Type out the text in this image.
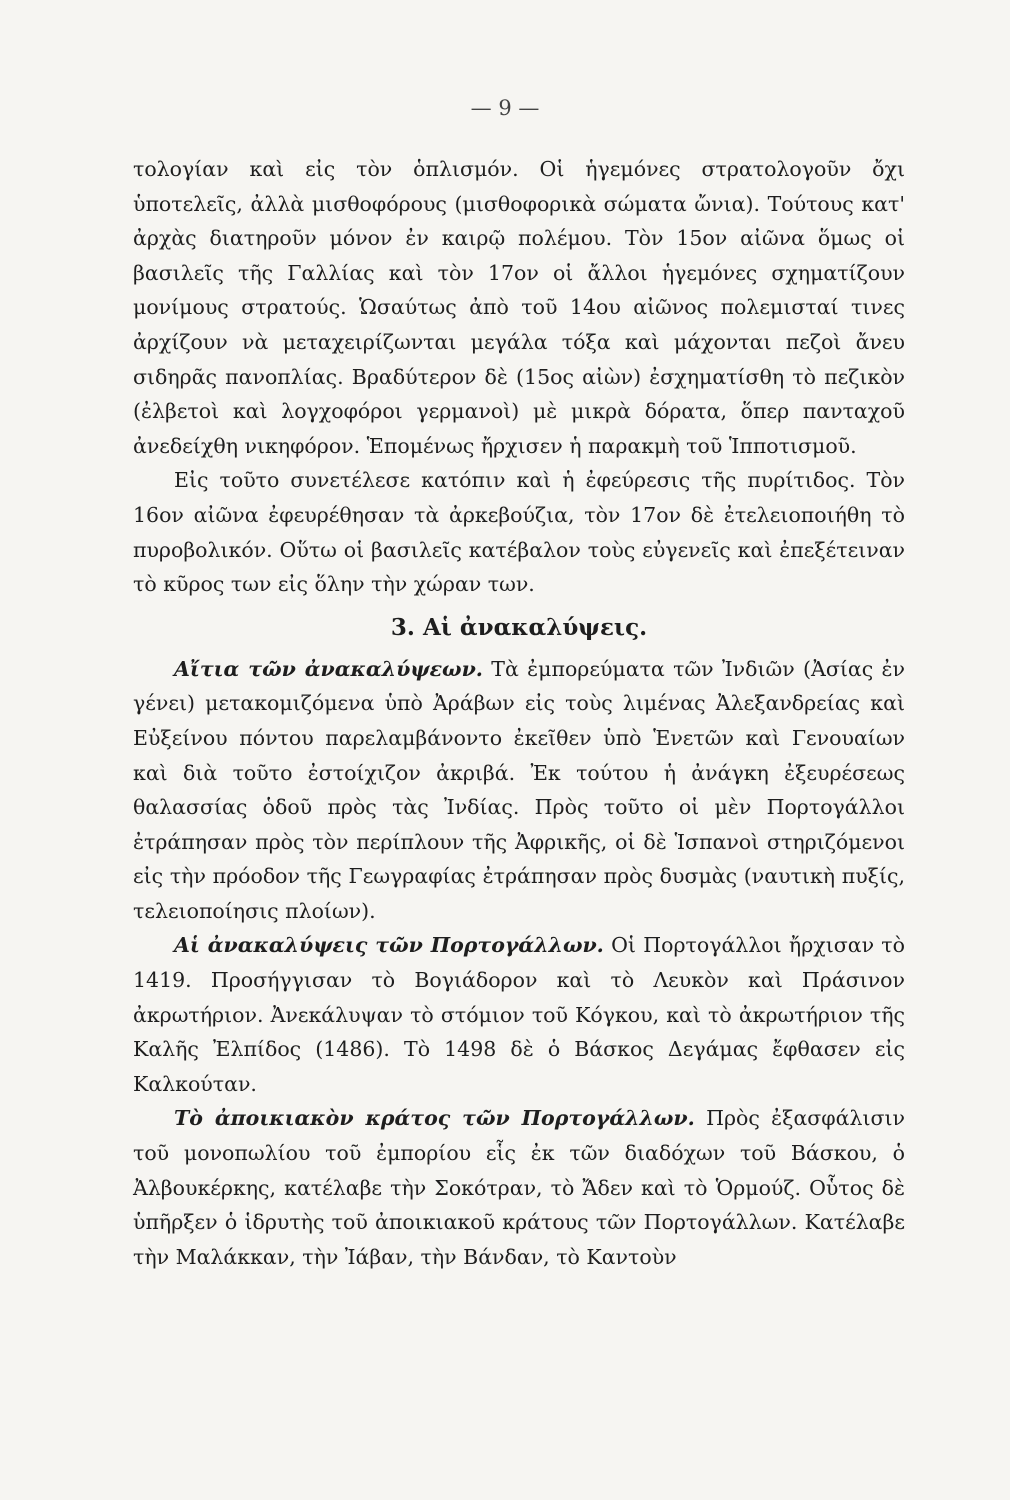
— 9 —

τολογίαν καὶ εἰς τὸν ὁπλισμόν. Οἱ ἡγεμόνες στρατολογοῦν ὄχι ὑποτελεῖς, ἀλλὰ μισθοφόρους (μισθοφορικὰ σώματα ὤνια). Τούτους κατ' ἀρχὰς διατηροῦν μόνον ἐν καιρῷ πολέμου. Τὸν 15ον αἰῶνα ὅμως οἱ βασιλεῖς τῆς Γαλλίας καὶ τὸν 17ον οἱ ἄλλοι ἡγεμόνες σχηματίζουν μονίμους στρατούς. Ὡσαύτως ἀπὸ τοῦ 14ου αἰῶνος πολεμισταί τινες ἀρχίζουν νὰ μεταχειρίζωνται μεγάλα τόξα καὶ μάχονται πεζοὶ ἄνευ σιδηρᾶς πανοπλίας. Βραδύτερον δὲ (15ος αἰὼν) ἐσχηματίσθη τὸ πεζικὸν (ἐλβετοὶ καὶ λογχοφόροι γερμανοὶ) μὲ μικρὰ δόρατα, ὅπερ πανταχοῦ ἀνεδείχθη νικηφόρον. Ἑπομένως ἤρχισεν ἡ παρακμὴ τοῦ Ἱπποτισμοῦ.

Εἰς τοῦτο συνετέλεσε κατόπιν καὶ ἡ ἐφεύρεσις τῆς πυρίτιδος. Τὸν 16ον αἰῶνα ἐφευρέθησαν τὰ ἀρκεβούζια, τὸν 17ον δὲ ἐτελειοποιήθη τὸ πυροβολικόν. Οὕτω οἱ βασιλεῖς κατέβαλον τοὺς εὐγενεῖς καὶ ἐπεξέτειναν τὸ κῦρος των εἰς ὅλην τὴν χώραν των.

3. Αἱ ἀνακαλύψεις.

Αἴτια τῶν ἀνακαλύψεων. Τὰ ἐμπορεύματα τῶν Ἰνδιῶν (Ἀσίας ἐν γένει) μετακομιζόμενα ὑπὸ Ἀράβων εἰς τοὺς λιμένας Ἀλεξανδρείας καὶ Εὐξείνου πόντου παρελαμβάνοντο ἐκεῖθεν ὑπὸ Ἑνετῶν καὶ Γενουαίων καὶ διὰ τοῦτο ἐστοίχιζον ἀκριβά. Ἐκ τούτου ἡ ἀνάγκη ἐξευρέσεως θαλασσίας ὁδοῦ πρὸς τὰς Ἰνδίας. Πρὸς τοῦτο οἱ μὲν Πορτογάλλοι ἐτράπησαν πρὸς τὸν περίπλουν τῆς Ἀφρικῆς, οἱ δὲ Ἱσπανοὶ στηριζόμενοι εἰς τὴν πρόοδον τῆς Γεωγραφίας ἐτράπησαν πρὸς δυσμὰς (ναυτικὴ πυξίς, τελειοποίησις πλοίων).

Αἱ ἀνακαλύψεις τῶν Πορτογάλλων. Οἱ Πορτογάλλοι ἤρχισαν τὸ 1419. Προσήγγισαν τὸ Βογιάδορον καὶ τὸ Λευκὸν καὶ Πράσινον ἀκρωτήριον. Ἀνεκάλυψαν τὸ στόμιον τοῦ Κόγκου, καὶ τὸ ἀκρωτήριον τῆς Καλῆς Ἐλπίδος (1486). Τὸ 1498 δὲ ὁ Βάσκος Δεγάμας ἔφθασεν εἰς Καλκούταν.

Τὸ ἀποικιακὸν κράτος τῶν Πορτογάλλων. Πρὸς ἐξασφάλισιν τοῦ μονοπωλίου τοῦ ἐμπορίου εἷς ἐκ τῶν διαδόχων τοῦ Βάσκου, ὁ Ἀλβουκέρκης, κατέλαβε τὴν Σοκότραν, τὸ Ἄδεν καὶ τὸ Ὁρμούζ. Οὗτος δὲ ὑπῆρξεν ὁ ἱδρυτὴς τοῦ ἀποικιακοῦ κράτους τῶν Πορτογάλλων. Κατέλαβε τὴν Μαλάκκαν, τὴν Ἰάβαν, τὴν Βάνδαν, τὸ Καντοὺν
